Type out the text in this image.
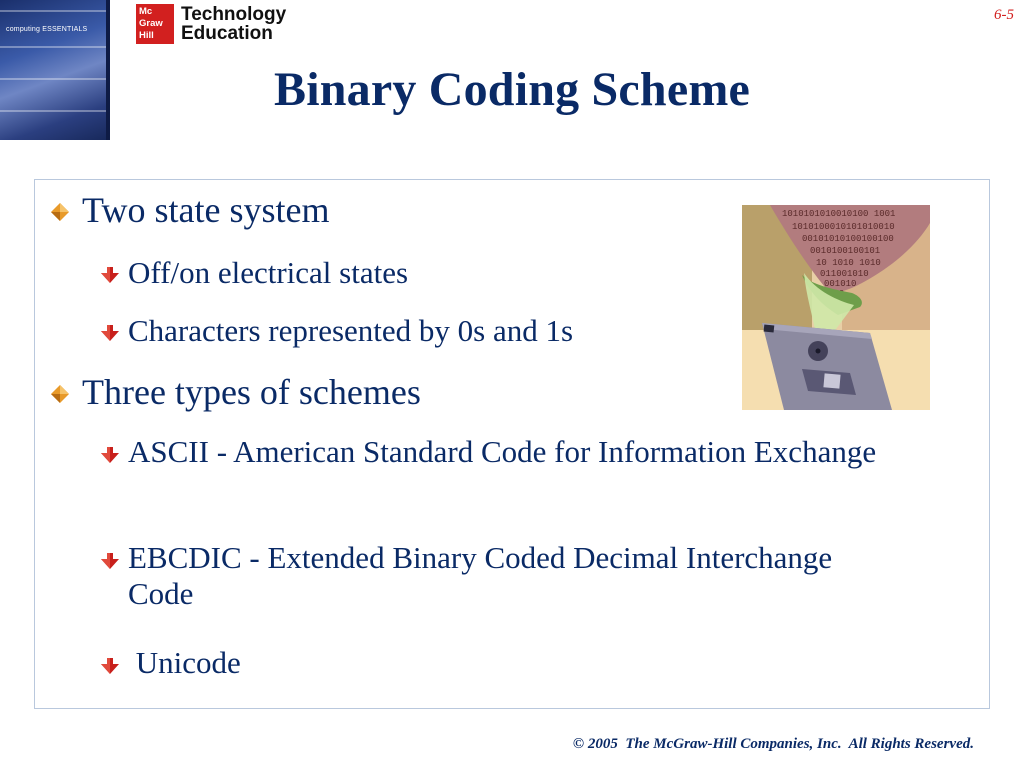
computing ESSENTIALS
Mc
Graw
Hill
Technology
Education
6-5
Binary Coding Scheme

Two state system

Off/on electrical states

Characters represented by 0s and 1s

Three types of schemes

ASCII - American Standard Code for Information Exchange

EBCDIC - Extended Binary Coded Decimal Interchange Code

Unicode

1010101010010100 1001
1010100010101010010
00101010100100100
0010100100101
10 1010 1010
011001010
001010
© 2005  The McGraw-Hill Companies, Inc.  All Rights Reserved.
